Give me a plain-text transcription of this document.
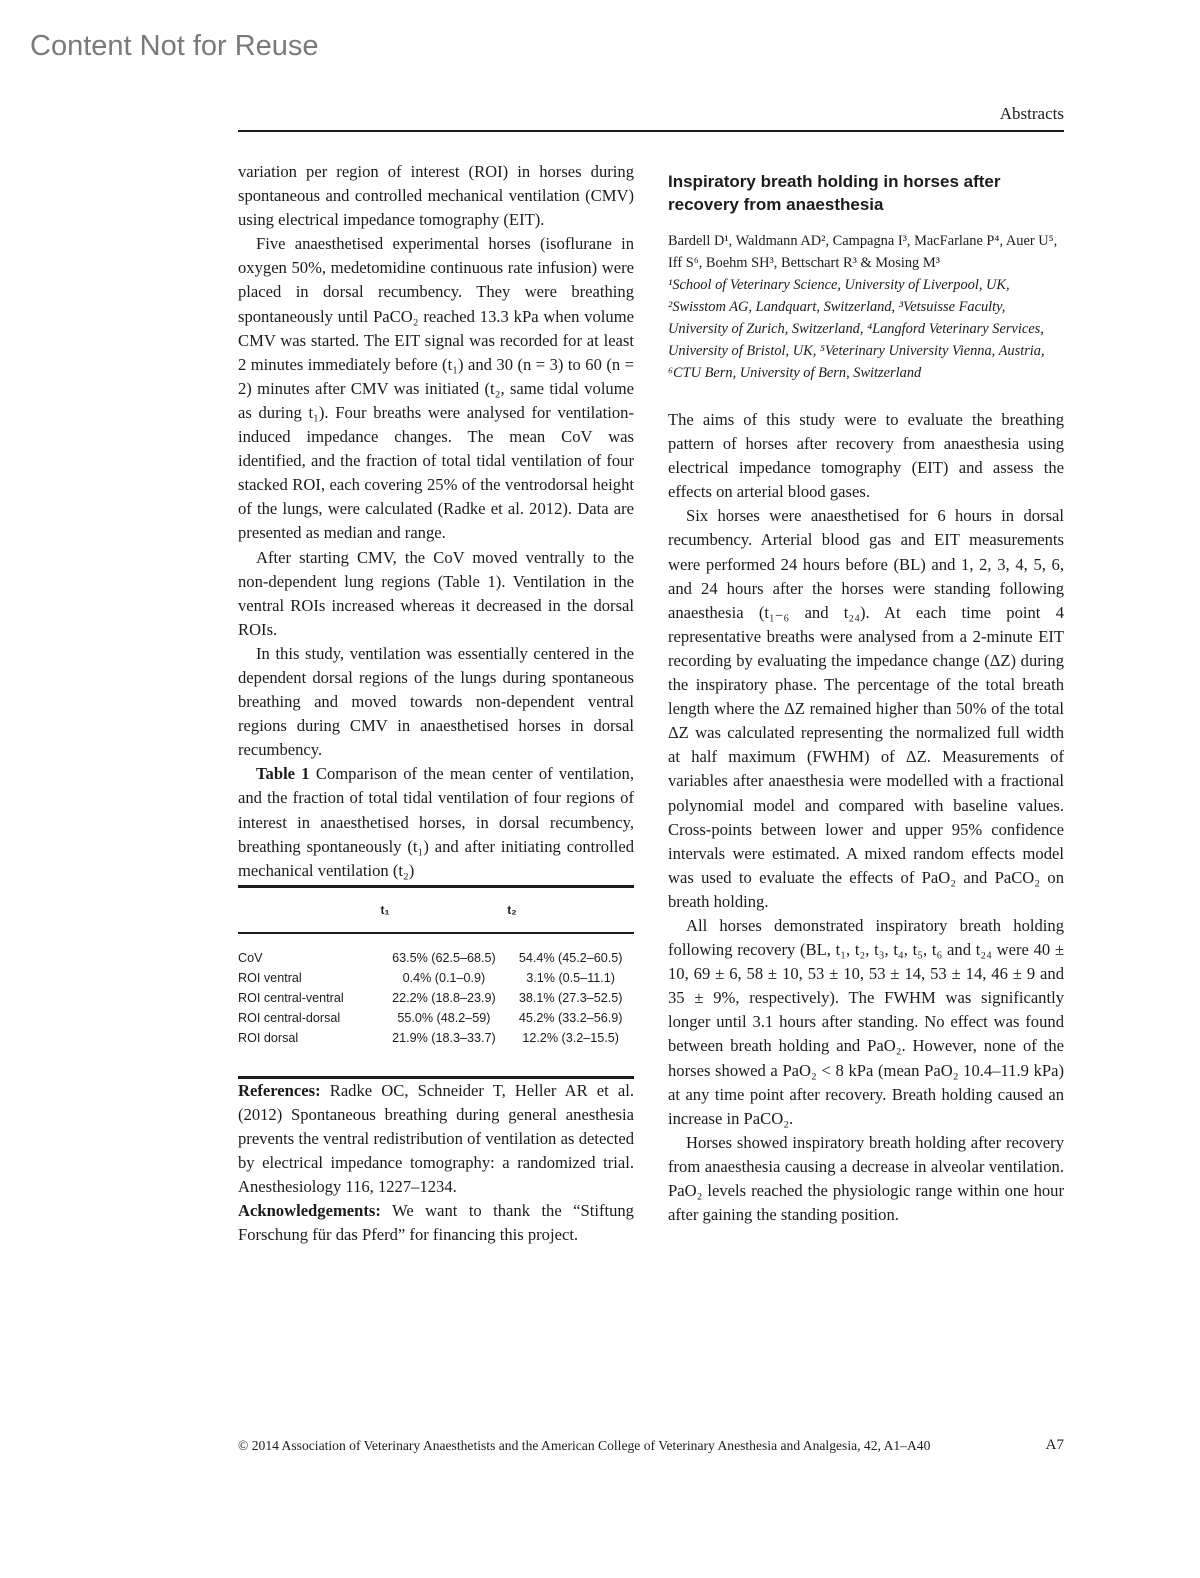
Content Not for Reuse
Abstracts

variation per region of interest (ROI) in horses during spontaneous and controlled mechanical ventilation (CMV) using electrical impedance tomography (EIT).

Five anaesthetised experimental horses (isoflurane in oxygen 50%, medetomidine continuous rate infusion) were placed in dorsal recumbency. They were breathing spontaneously until PaCO₂ reached 13.3 kPa when volume CMV was started. The EIT signal was recorded for at least 2 minutes immediately before (t₁) and 30 (n = 3) to 60 (n = 2) minutes after CMV was initiated (t₂, same tidal volume as during t₁). Four breaths were analysed for ventilation-induced impedance changes. The mean CoV was identified, and the fraction of total tidal ventilation of four stacked ROI, each covering 25% of the ventrodorsal height of the lungs, were calculated (Radke et al. 2012). Data are presented as median and range.

After starting CMV, the CoV moved ventrally to the non-dependent lung regions (Table 1). Ventilation in the ventral ROIs increased whereas it decreased in the dorsal ROIs.

In this study, ventilation was essentially centered in the dependent dorsal regions of the lungs during spontaneous breathing and moved towards non-dependent ventral regions during CMV in anaesthetised horses in dorsal recumbency.

Table 1 Comparison of the mean center of ventilation, and the fraction of total tidal ventilation of four regions of interest in anaesthetised horses, in dorsal recumbency, breathing spontaneously (t₁) and after initiating controlled mechanical ventilation (t₂)

	t₁	t₂
CoV	63.5% (62.5–68.5)	54.4% (45.2–60.5)
ROI ventral	0.4% (0.1–0.9)	3.1% (0.5–11.1)
ROI central-ventral	22.2% (18.8–23.9)	38.1% (27.3–52.5)
ROI central-dorsal	55.0% (48.2–59)	45.2% (33.2–56.9)
ROI dorsal	21.9% (18.3–33.7)	12.2% (3.2–15.5)

References: Radke OC, Schneider T, Heller AR et al. (2012) Spontaneous breathing during general anesthesia prevents the ventral redistribution of ventilation as detected by electrical impedance tomography: a randomized trial. Anesthesiology 116, 1227–1234.

Acknowledgements: We want to thank the “Stiftung Forschung für das Pferd” for financing this project.

Inspiratory breath holding in horses after recovery from anaesthesia
Bardell D¹, Waldmann AD², Campagna I³, MacFarlane P⁴, Auer U⁵, Iff S⁶, Boehm SH³, Bettschart R³ & Mosing M³
¹School of Veterinary Science, University of Liverpool, UK, ²Swisstom AG, Landquart, Switzerland, ³Vetsuisse Faculty, University of Zurich, Switzerland, ⁴Langford Veterinary Services, University of Bristol, UK, ⁵Veterinary University Vienna, Austria, ⁶CTU Bern, University of Bern, Switzerland

The aims of this study were to evaluate the breathing pattern of horses after recovery from anaesthesia using electrical impedance tomography (EIT) and assess the effects on arterial blood gases.

Six horses were anaesthetised for 6 hours in dorsal recumbency. Arterial blood gas and EIT measurements were performed 24 hours before (BL) and 1, 2, 3, 4, 5, 6, and 24 hours after the horses were standing following anaesthesia (t₁₋₆ and t₂₄). At each time point 4 representative breaths were analysed from a 2-minute EIT recording by evaluating the impedance change (ΔZ) during the inspiratory phase. The percentage of the total breath length where the ΔZ remained higher than 50% of the total ΔZ was calculated representing the normalized full width at half maximum (FWHM) of ΔZ. Measurements of variables after anaesthesia were modelled with a fractional polynomial model and compared with baseline values. Cross-points between lower and upper 95% confidence intervals were estimated. A mixed random effects model was used to evaluate the effects of PaO₂ and PaCO₂ on breath holding.

All horses demonstrated inspiratory breath holding following recovery (BL, t₁, t₂, t₃, t₄, t₅, t₆ and t₂₄ were 40 ± 10, 69 ± 6, 58 ± 10, 53 ± 10, 53 ± 14, 53 ± 14, 46 ± 9 and 35 ± 9%, respectively). The FWHM was significantly longer until 3.1 hours after standing. No effect was found between breath holding and PaO₂. However, none of the horses showed a PaO₂ < 8 kPa (mean PaO₂ 10.4–11.9 kPa) at any time point after recovery. Breath holding caused an increase in PaCO₂.

Horses showed inspiratory breath holding after recovery from anaesthesia causing a decrease in alveolar ventilation. PaO₂ levels reached the physiologic range within one hour after gaining the standing position.

© 2014 Association of Veterinary Anaesthetists and the American College of Veterinary Anesthesia and Analgesia, 42, A1–A40	A7
